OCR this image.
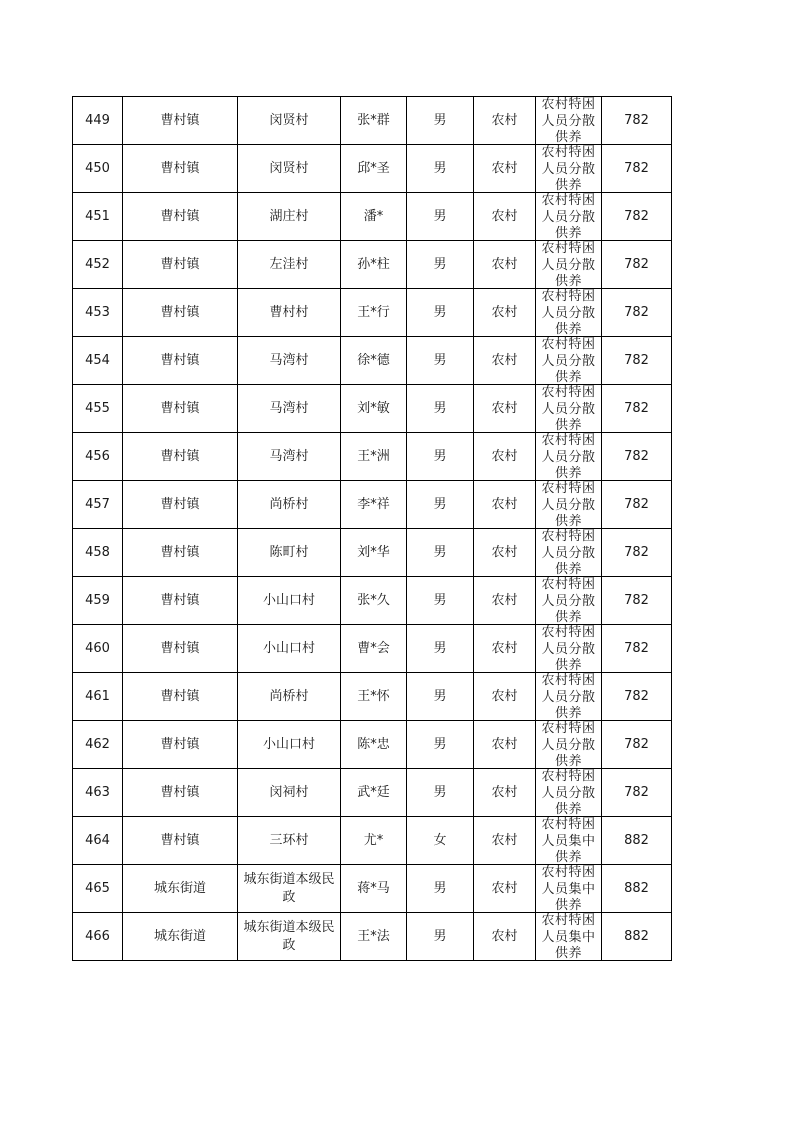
449	曹村镇	闵贤村	张*群	男	农村	农村特困人员分散供养	782
450	曹村镇	闵贤村	邱*圣	男	农村	农村特困人员分散供养	782
451	曹村镇	湖庄村	潘*	男	农村	农村特困人员分散供养	782
452	曹村镇	左洼村	孙*柱	男	农村	农村特困人员分散供养	782
453	曹村镇	曹村村	王*行	男	农村	农村特困人员分散供养	782
454	曹村镇	马湾村	徐*德	男	农村	农村特困人员分散供养	782
455	曹村镇	马湾村	刘*敏	男	农村	农村特困人员分散供养	782
456	曹村镇	马湾村	王*洲	男	农村	农村特困人员分散供养	782
457	曹村镇	尚桥村	李*祥	男	农村	农村特困人员分散供养	782
458	曹村镇	陈町村	刘*华	男	农村	农村特困人员分散供养	782
459	曹村镇	小山口村	张*久	男	农村	农村特困人员分散供养	782
460	曹村镇	小山口村	曹*会	男	农村	农村特困人员分散供养	782
461	曹村镇	尚桥村	王*怀	男	农村	农村特困人员分散供养	782
462	曹村镇	小山口村	陈*忠	男	农村	农村特困人员分散供养	782
463	曹村镇	闵祠村	武*廷	男	农村	农村特困人员分散供养	782
464	曹村镇	三环村	尤*	女	农村	农村特困人员集中供养	882
465	城东街道	城东街道本级民政	蒋*马	男	农村	农村特困人员集中供养	882
466	城东街道	城东街道本级民政	王*法	男	农村	农村特困人员集中供养	882
